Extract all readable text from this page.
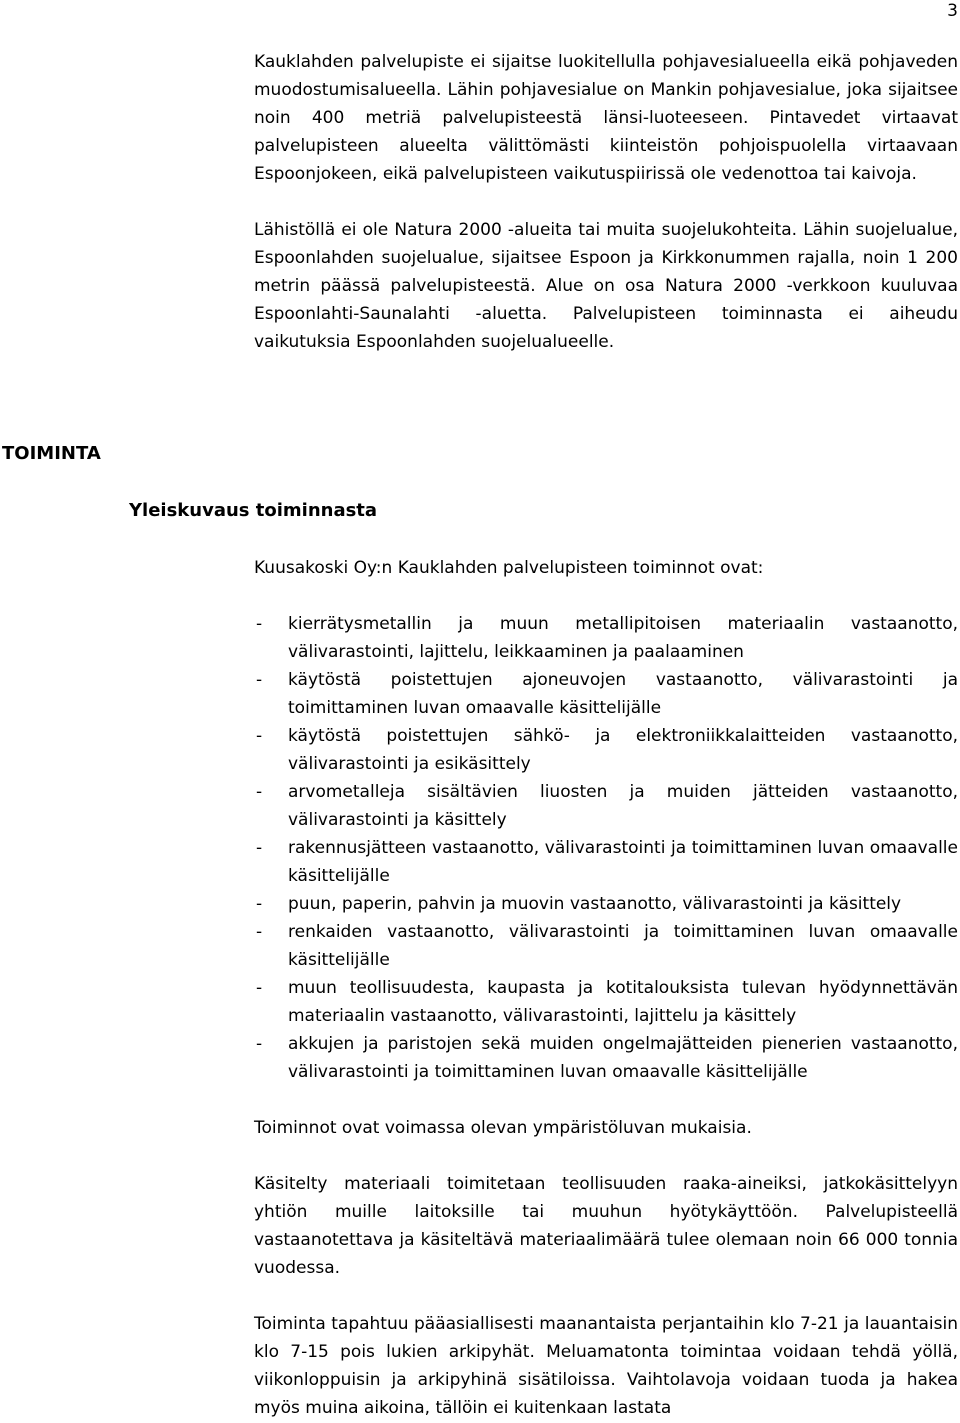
3

Kauklahden palvelupiste ei sijaitse luokitellulla pohjavesialueella eikä pohjaveden muodostumisalueella. Lähin pohjavesialue on Mankin pohjavesialue, joka sijaitsee noin 400 metriä palvelupisteestä länsi-luoteeseen. Pintavedet virtaavat palvelupisteen alueelta välittömästi kiinteistön pohjoispuolella virtaavaan Espoonjokeen, eikä palvelupisteen vaikutuspiirissä ole vedenottoa tai kaivoja.

Lähistöllä ei ole Natura 2000 -alueita tai muita suojelukohteita. Lähin suojelualue, Espoonlahden suojelualue, sijaitsee Espoon ja Kirkkonummen rajalla, noin 1 200 metrin päässä palvelupisteestä. Alue on osa Natura 2000 -verkkoon kuuluvaa Espoonlahti-Saunalahti -aluetta. Palvelupisteen toiminnasta ei aiheudu vaikutuksia Espoonlahden suojelualueelle.

TOIMINTA
Yleiskuvaus toiminnasta

Kuusakoski Oy:n Kauklahden palvelupisteen toiminnot ovat:

- kierrätysmetallin ja muun metallipitoisen materiaalin vastaanotto, välivarastointi, lajittelu, leikkaaminen ja paalaaminen
- käytöstä poistettujen ajoneuvojen vastaanotto, välivarastointi ja toimittaminen luvan omaavalle käsittelijälle
- käytöstä poistettujen sähkö- ja elektroniikkalaitteiden vastaanotto, välivarastointi ja esikäsittely
- arvometalleja sisältävien liuosten ja muiden jätteiden vastaanotto, välivarastointi ja käsittely
- rakennusjätteen vastaanotto, välivarastointi ja toimittaminen luvan omaavalle käsittelijälle
- puun, paperin, pahvin ja muovin vastaanotto, välivarastointi ja käsittely
- renkaiden vastaanotto, välivarastointi ja toimittaminen luvan omaavalle käsittelijälle
- muun teollisuudesta, kaupasta ja kotitalouksista tulevan hyödynnettävän materiaalin vastaanotto, välivarastointi, lajittelu ja käsittely
- akkujen ja paristojen sekä muiden ongelmajätteiden pienerien vastaanotto, välivarastointi ja toimittaminen luvan omaavalle käsittelijälle

Toiminnot ovat voimassa olevan ympäristöluvan mukaisia.

Käsitelty materiaali toimitetaan teollisuuden raaka-aineiksi, jatkokäsittelyyn yhtiön muille laitoksille tai muuhun hyötykäyttöön. Palvelupisteellä vastaanotettava ja käsiteltävä materiaalimäärä tulee olemaan noin 66 000 tonnia vuodessa.

Toiminta tapahtuu pääasiallisesti maanantaista perjantaihin klo 7-21 ja lauantaisin klo 7-15 pois lukien arkipyhät. Meluamatonta toimintaa voidaan tehdä yöllä, viikonloppuisin ja arkipyhinä sisätiloissa. Vaihtolavoja voidaan tuoda ja hakea myös muina aikoina, tällöin ei kuitenkaan lastata
